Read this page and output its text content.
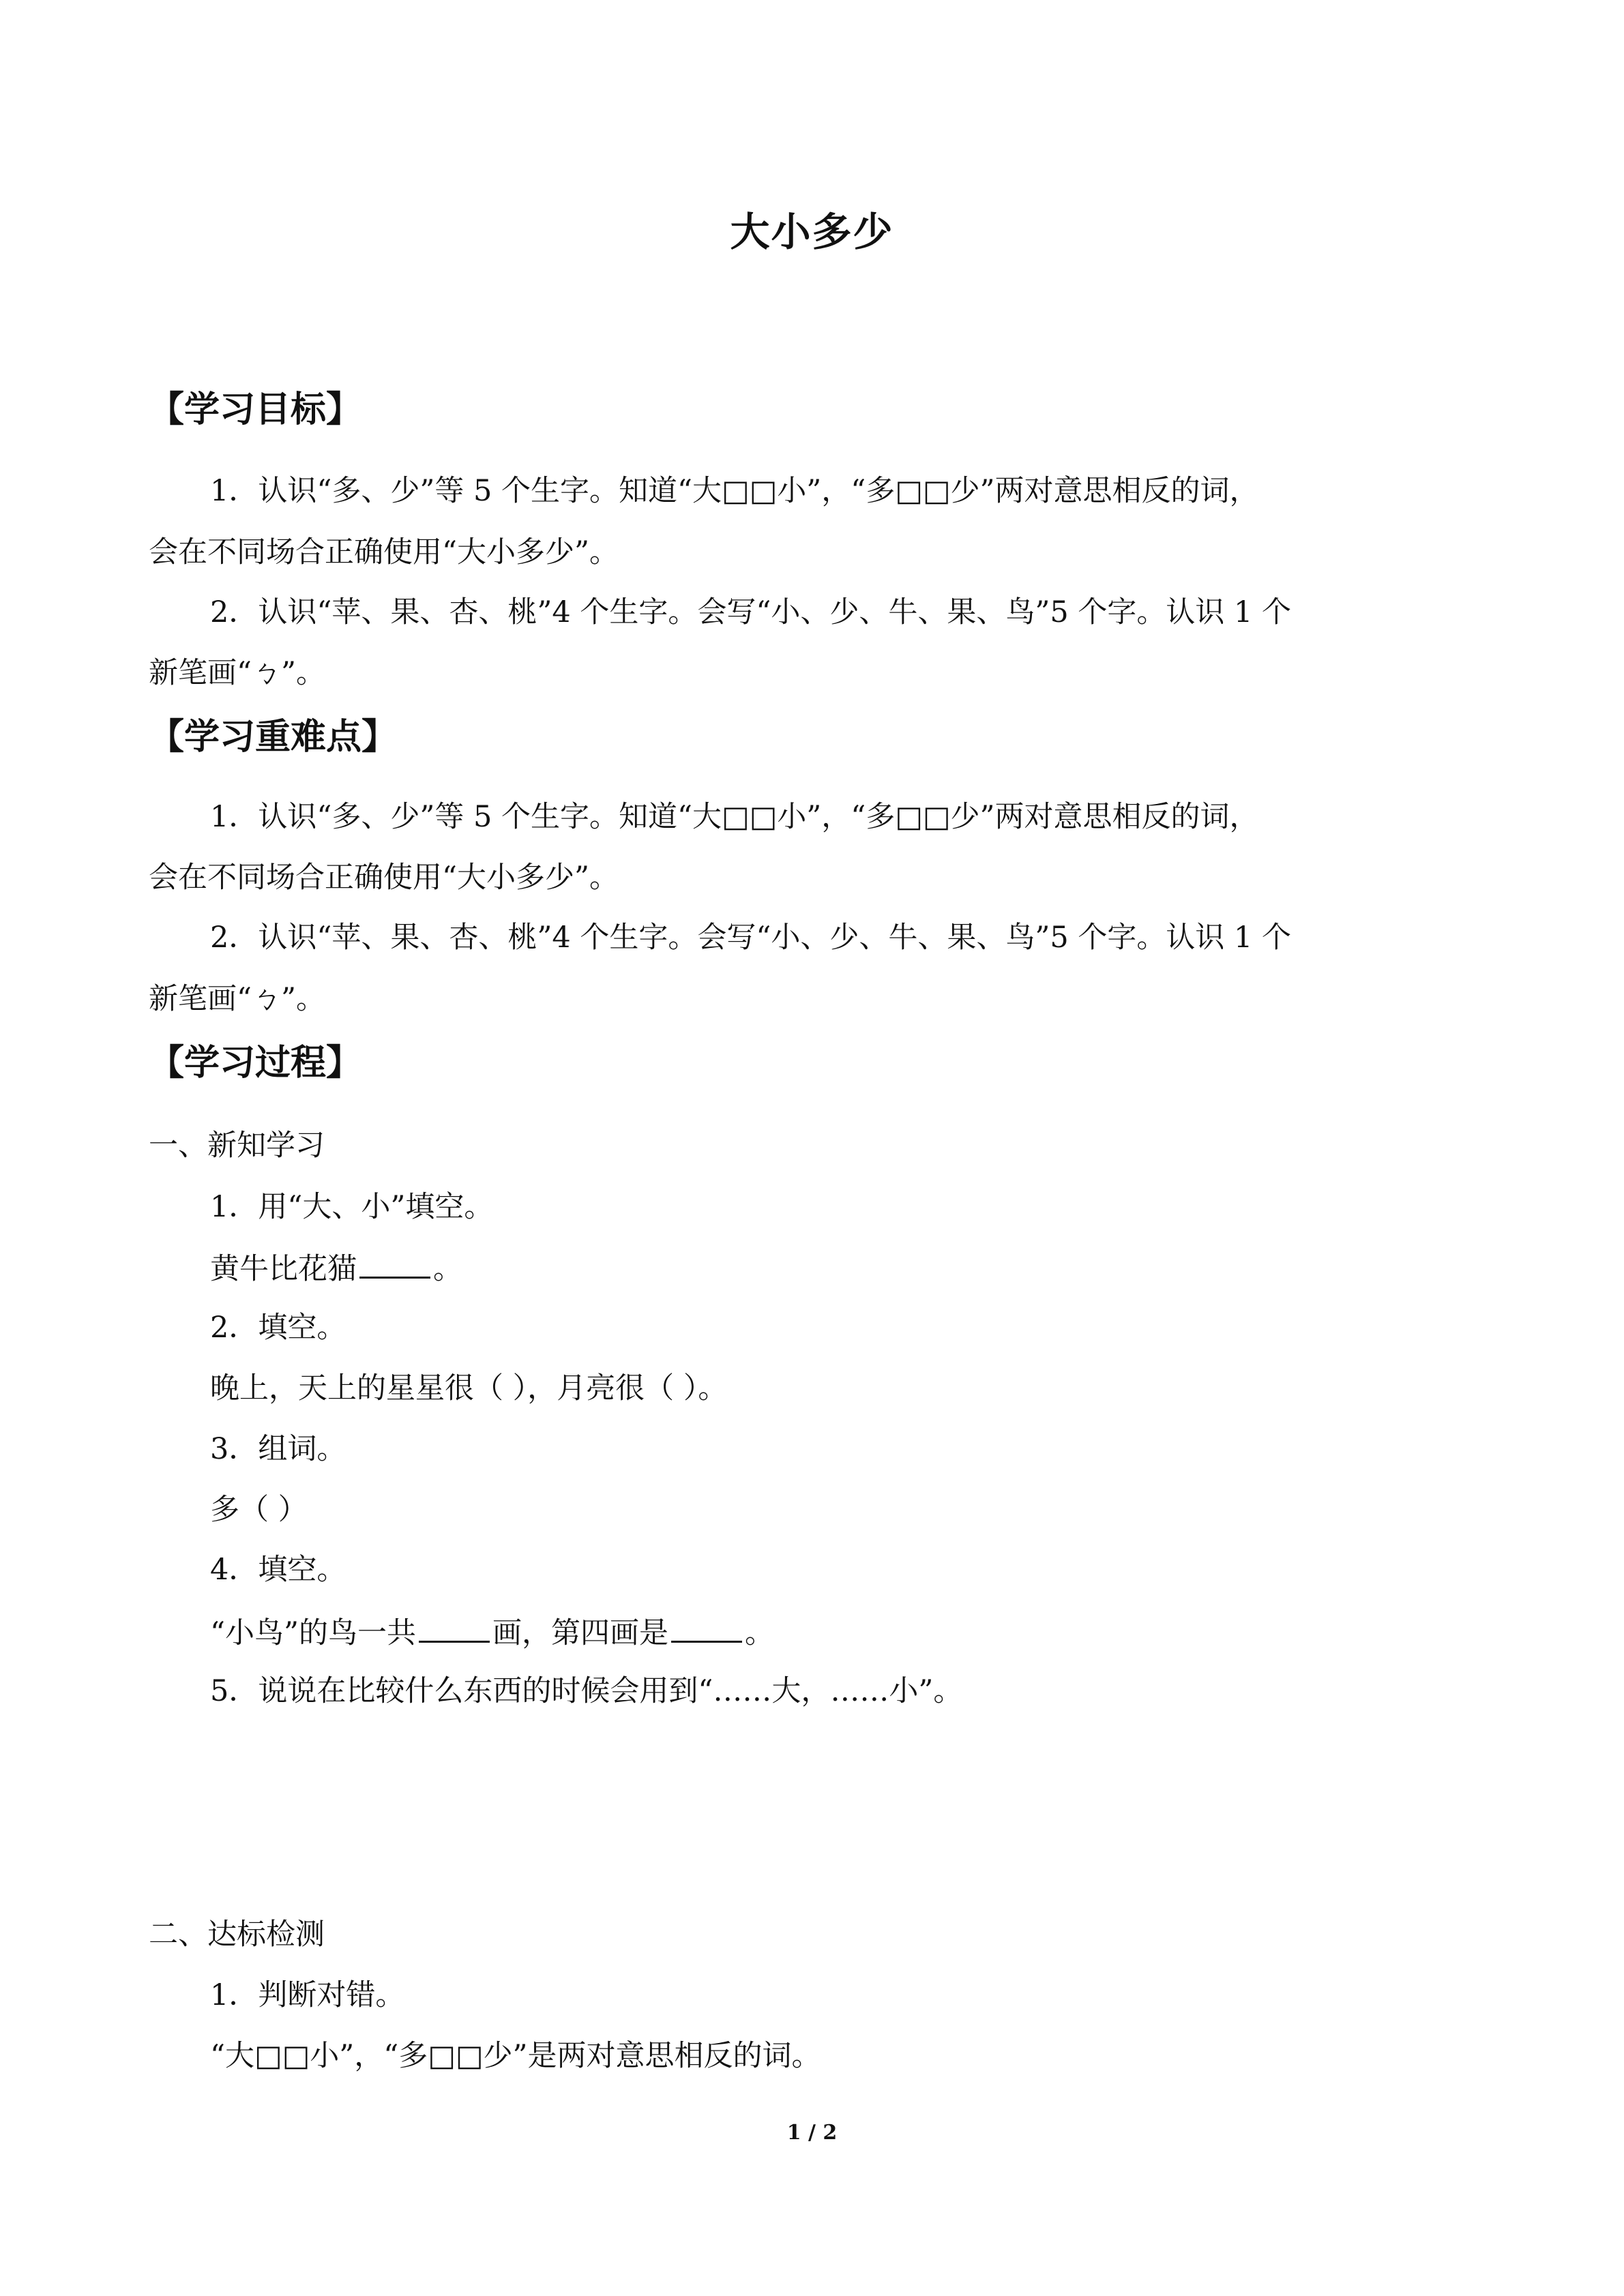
大小多少
【学习目标】
1．认识“多、少”等 5 个生字。知道“大□□小”，“多□□少”两对意思相反的词，
会在不同场合正确使用“大小多少”。
2．认识“苹、果、杏、桃”4 个生字。会写“小、少、牛、果、鸟”5 个字。认识 1 个
新笔画“ㄅ”。
【学习重难点】
1．认识“多、少”等 5 个生字。知道“大□□小”，“多□□少”两对意思相反的词，
会在不同场合正确使用“大小多少”。
2．认识“苹、果、杏、桃”4 个生字。会写“小、少、牛、果、鸟”5 个字。认识 1 个
新笔画“ㄅ”。
【学习过程】
一、新知学习
1．用“大、小”填空。
黄牛比花猫	。
2．填空。
晚上，天上的星星很（ ），月亮很（ ）。
3．组词。
多（ ）
4．填空。
“小鸟”的鸟一共	画，第四画是	。
5．说说在比较什么东西的时候会用到“……大，……小”。
二、达标检测
1．判断对错。
“大□□小”，“多□□少”是两对意思相反的词。
1 / 2
